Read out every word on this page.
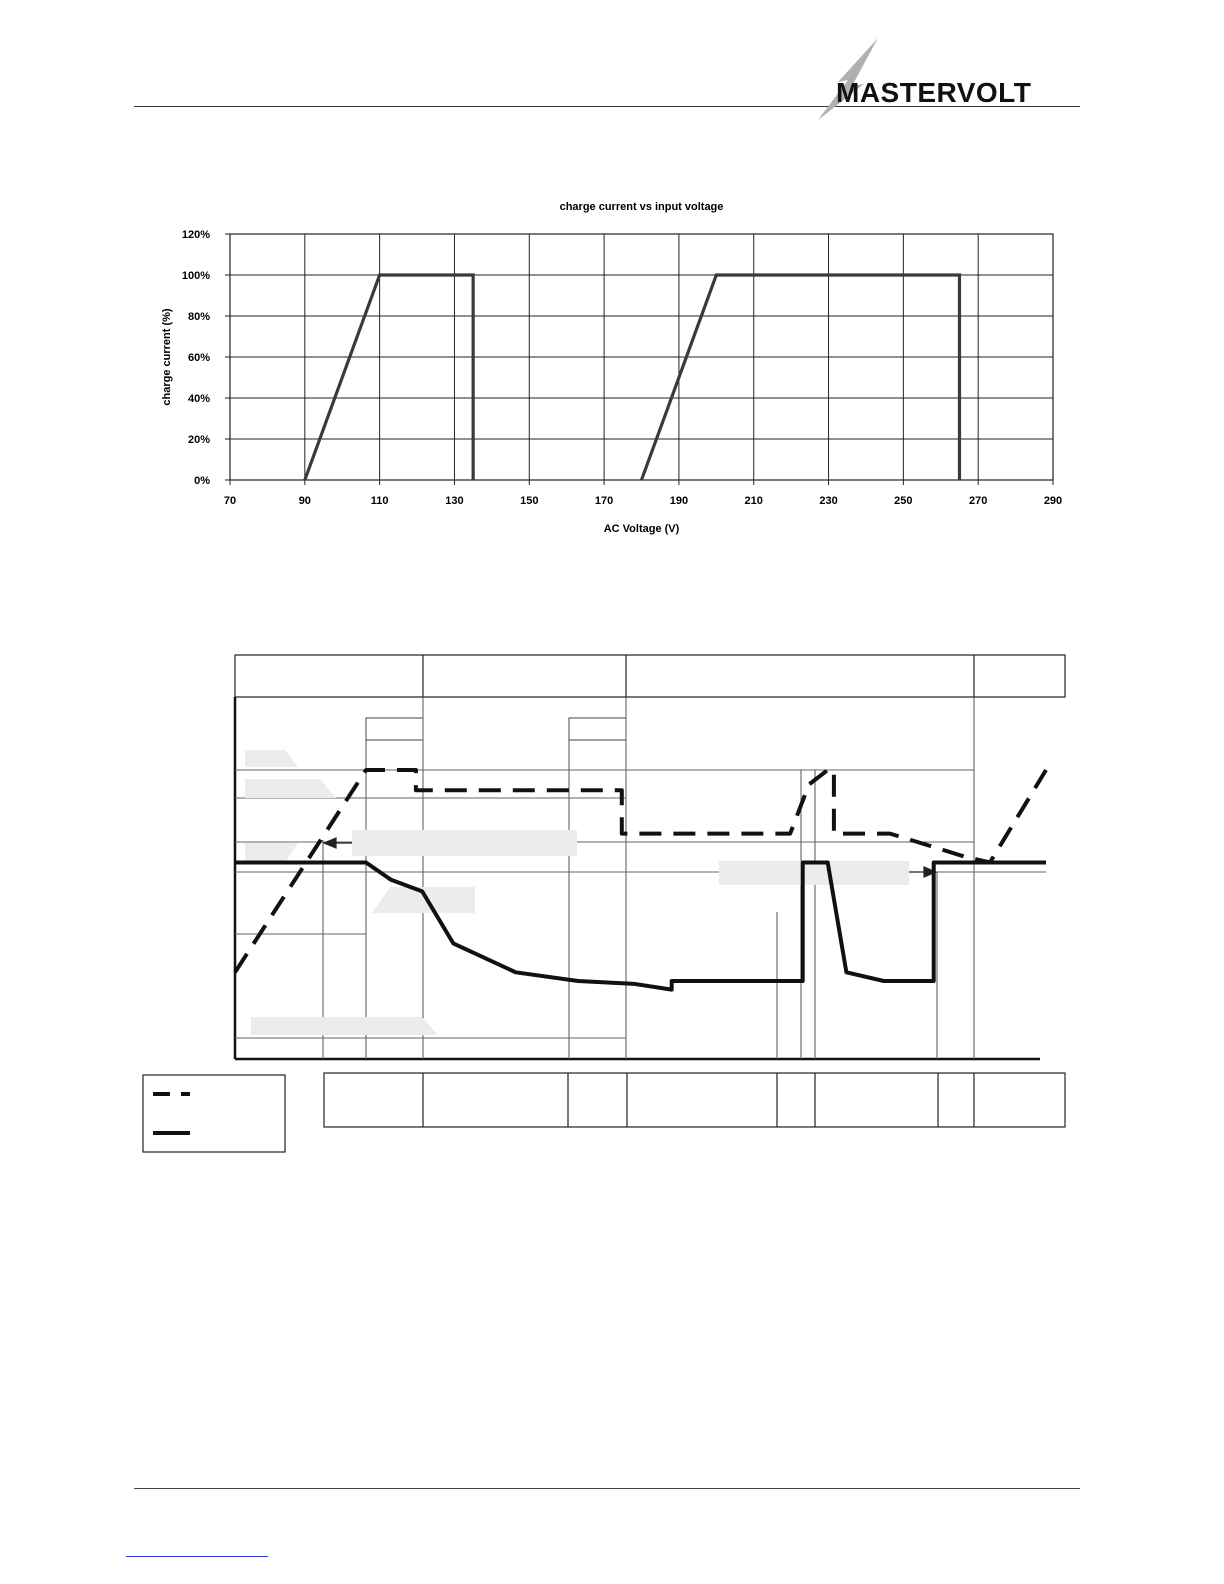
MASTERVOLT
charge current vs input voltage
0%
20%
40%
60%
80%
100%
120%
70	90	110	130	150	170	190	210	230	250	270	290
AC Voltage (V)
charge current (%)
